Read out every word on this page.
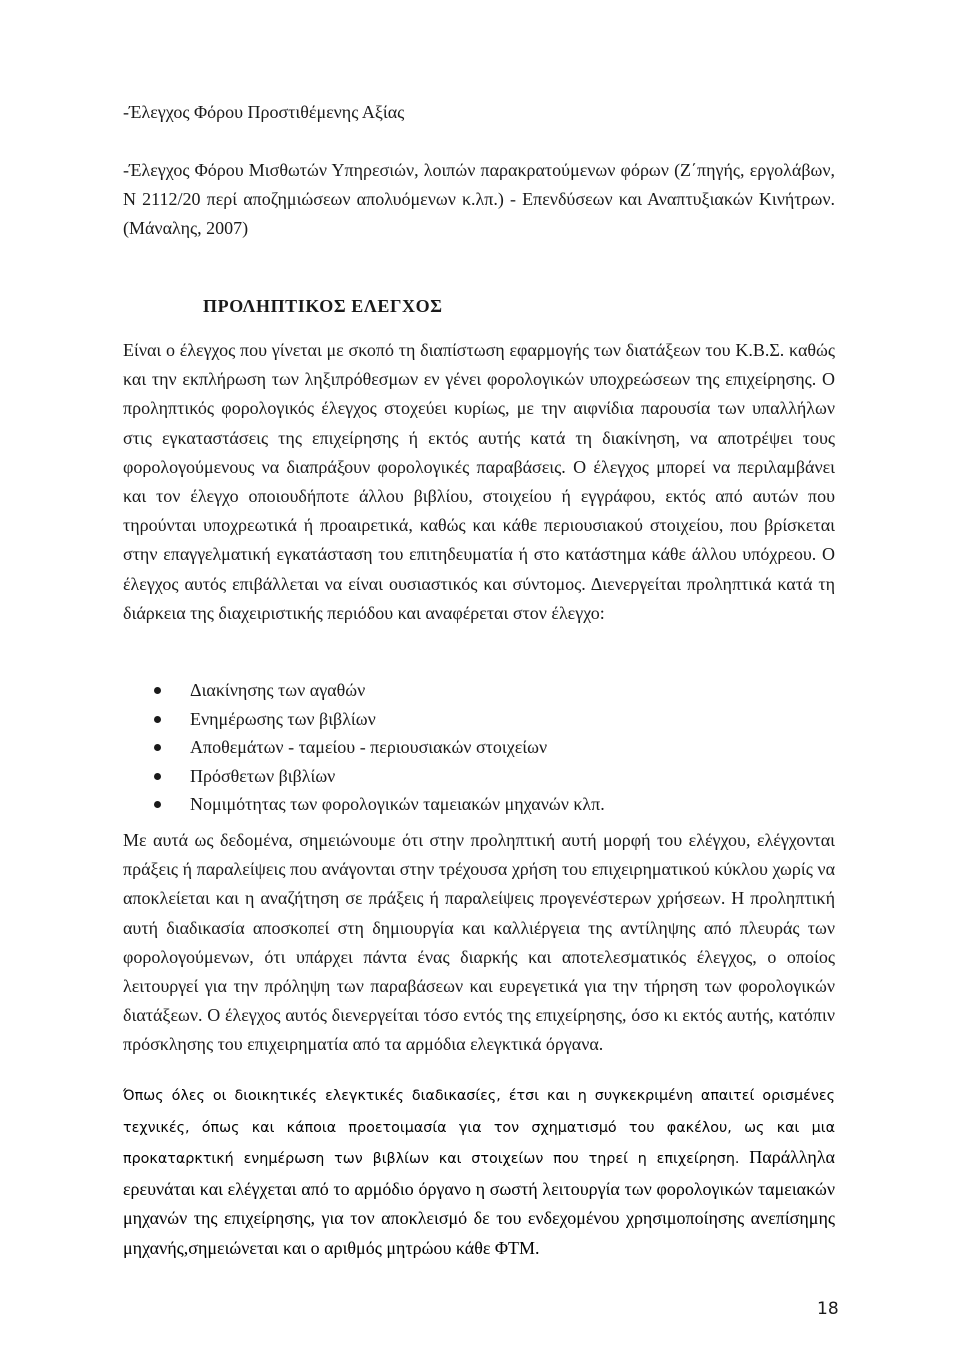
-Έλεγχος Φόρου Προστιθέμενης Αξίας

-Έλεγχος Φόρου Μισθωτών Υπηρεσιών, λοιπών παρακρατούμενων φόρων (Ζ΄πηγής, εργολάβων, Ν 2112/20 περί αποζημιώσεων απολυόμενων κ.λπ.) - Επενδύσεων και Αναπτυξιακών Κινήτρων.(Μάναλης, 2007)

ΠΡΟΛΗΠΤΙΚΟΣ ΕΛΕΓΧΟΣ

Είναι ο έλεγχος που γίνεται με σκοπό τη διαπίστωση εφαρμογής των διατάξεων του Κ.Β.Σ. καθώς και την εκπλήρωση των ληξιπρόθεσμων εν γένει φορολογικών υποχρεώσεων της επιχείρησης. Ο προληπτικός φορολογικός έλεγχος στοχεύει κυρίως, με την αιφνίδια παρουσία των υπαλλήλων στις εγκαταστάσεις της επιχείρησης ή εκτός αυτής κατά τη διακίνηση, να αποτρέψει τους φορολογούμενους να διαπράξουν φορολογικές παραβάσεις. Ο έλεγχος μπορεί να περιλαμβάνει και τον έλεγχο οποιουδήποτε άλλου βιβλίου, στοιχείου ή εγγράφου, εκτός από αυτών που τηρούνται υποχρεωτικά ή προαιρετικά, καθώς και κάθε περιουσιακού στοιχείου, που βρίσκεται στην επαγγελματική εγκατάσταση του επιτηδευματία ή στο κατάστημα κάθε άλλου υπόχρεου. Ο έλεγχος αυτός επιβάλλεται να είναι ουσιαστικός και σύντομος. Διενεργείται προληπτικά κατά τη διάρκεια της διαχειριστικής περιόδου και αναφέρεται στον έλεγχο:

Διακίνησης των αγαθών
Ενημέρωσης των βιβλίων
Αποθεμάτων - ταμείου - περιουσιακών στοιχείων
Πρόσθετων βιβλίων
Νομιμότητας των φορολογικών ταμειακών μηχανών κλπ.

Με αυτά ως δεδομένα, σημειώνουμε ότι στην προληπτική αυτή μορφή του ελέγχου, ελέγχονται πράξεις ή παραλείψεις που ανάγονται στην τρέχουσα χρήση του επιχειρηματικού κύκλου χωρίς να αποκλείεται και η αναζήτηση σε πράξεις ή παραλείψεις προγενέστερων χρήσεων. Η προληπτική αυτή διαδικασία αποσκοπεί στη δημιουργία και καλλιέργεια της αντίληψης από πλευράς των φορολογούμενων, ότι υπάρχει πάντα ένας διαρκής και αποτελεσματικός έλεγχος, ο οποίος λειτουργεί για την πρόληψη των παραβάσεων και ευρεγετικά για την τήρηση των φορολογικών διατάξεων. Ο έλεγχος αυτός διενεργείται τόσο εντός της επιχείρησης, όσο κι εκτός αυτής, κατόπιν πρόσκλησης του επιχειρηματία από τα αρμόδια ελεγκτικά όργανα.

Όπως όλες οι διοικητικές ελεγκτικές διαδικασίες, έτσι και η συγκεκριμένη απαιτεί ορισμένες τεχνικές, όπως και κάποια προετοιμασία για τον σχηματισμό του φακέλου, ως και μια προκαταρκτική ενημέρωση των βιβλίων και στοιχείων που τηρεί η επιχείρηση. Παράλληλα ερευνάται και ελέγχεται από το αρμόδιο όργανο η σωστή λειτουργία των φορολογικών ταμειακών μηχανών της επιχείρησης, για τον αποκλεισμό δε του ενδεχομένου χρησιμοποίησης ανεπίσημης μηχανής,σημειώνεται και ο αριθμός μητρώου κάθε ΦΤΜ.

18
